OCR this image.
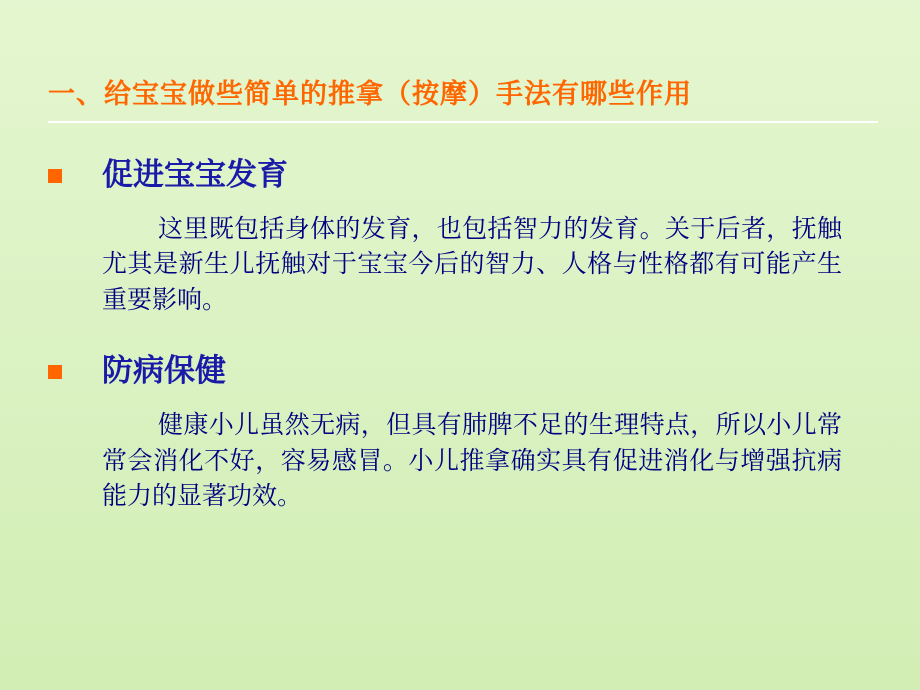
一、给宝宝做些简单的推拿（按摩）手法有哪些作用
促进宝宝发育
这里既包括身体的发育，也包括智力的发育。关于后者，抚触尤其是新生儿抚触对于宝宝今后的智力、人格与性格都有可能产生重要影响。
防病保健
健康小儿虽然无病，但具有肺脾不足的生理特点，所以小儿常常会消化不好，容易感冒。小儿推拿确实具有促进消化与增强抗病能力的显著功效。
